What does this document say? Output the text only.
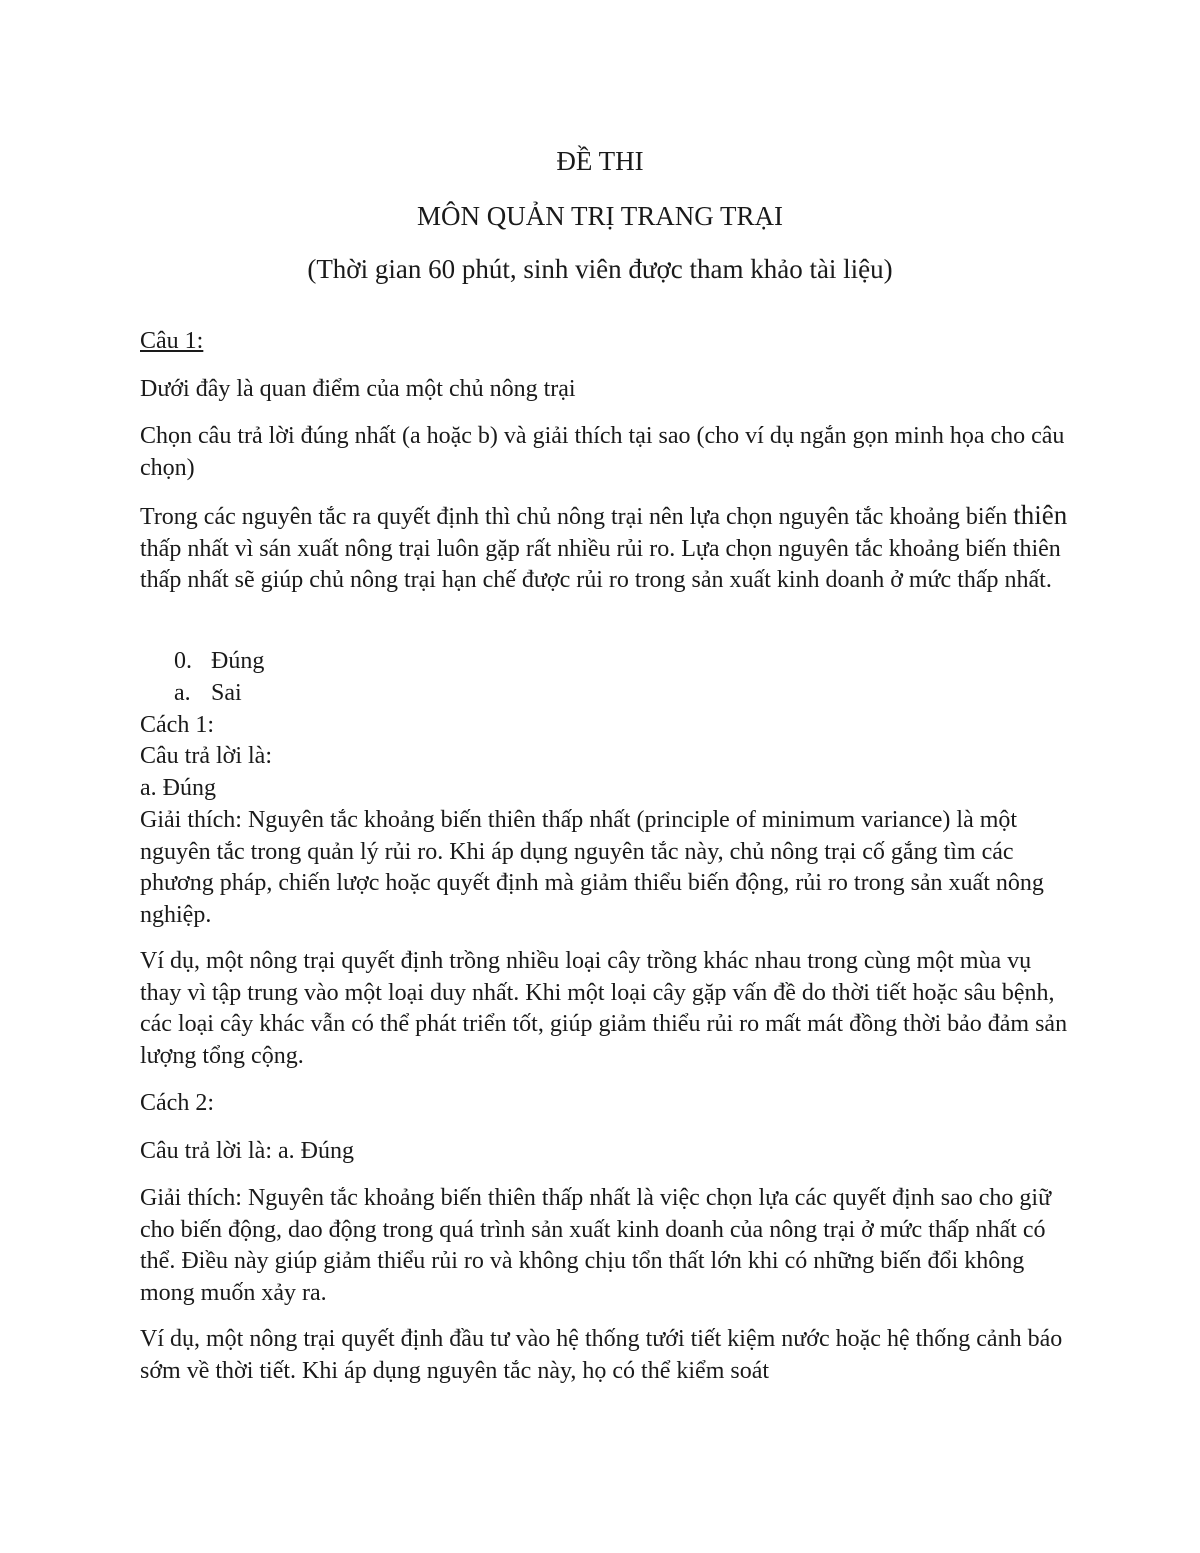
ĐỀ THI
MÔN QUẢN TRỊ TRANG TRẠI
(Thời gian 60 phút, sinh viên được tham khảo tài liệu)

Câu 1:

Dưới đây là quan điểm của một chủ nông trại

Chọn câu trả lời đúng nhất (a hoặc b) và giải thích tại sao (cho ví dụ ngắn gọn minh họa cho câu chọn)

Trong các nguyên tắc ra quyết định thì chủ nông trại nên lựa chọn nguyên tắc khoảng biến thiên thấp nhất vì sán xuất nông trại luôn gặp rất nhiều rủi ro. Lựa chọn nguyên tắc khoảng biến thiên thấp nhất sẽ giúp chủ nông trại hạn chế được rủi ro trong sản xuất kinh doanh ở mức thấp nhất.

0. Đúng
a. Sai

Cách 1:

Câu trả lời là:

a. Đúng

Giải thích: Nguyên tắc khoảng biến thiên thấp nhất (principle of minimum variance) là một nguyên tắc trong quản lý rủi ro. Khi áp dụng nguyên tắc này, chủ nông trại cố gắng tìm các phương pháp, chiến lược hoặc quyết định mà giảm thiểu biến động, rủi ro trong sản xuất nông nghiệp.

Ví dụ, một nông trại quyết định trồng nhiều loại cây trồng khác nhau trong cùng một mùa vụ thay vì tập trung vào một loại duy nhất. Khi một loại cây gặp vấn đề do thời tiết hoặc sâu bệnh, các loại cây khác vẫn có thể phát triển tốt, giúp giảm thiểu rủi ro mất mát đồng thời bảo đảm sản lượng tổng cộng.

Cách 2:

Câu trả lời là: a. Đúng

Giải thích: Nguyên tắc khoảng biến thiên thấp nhất là việc chọn lựa các quyết định sao cho giữ cho biến động, dao động trong quá trình sản xuất kinh doanh của nông trại ở mức thấp nhất có thể. Điều này giúp giảm thiểu rủi ro và không chịu tổn thất lớn khi có những biến đổi không mong muốn xảy ra.

Ví dụ, một nông trại quyết định đầu tư vào hệ thống tưới tiết kiệm nước hoặc hệ thống cảnh báo sớm về thời tiết. Khi áp dụng nguyên tắc này, họ có thể kiểm soát
